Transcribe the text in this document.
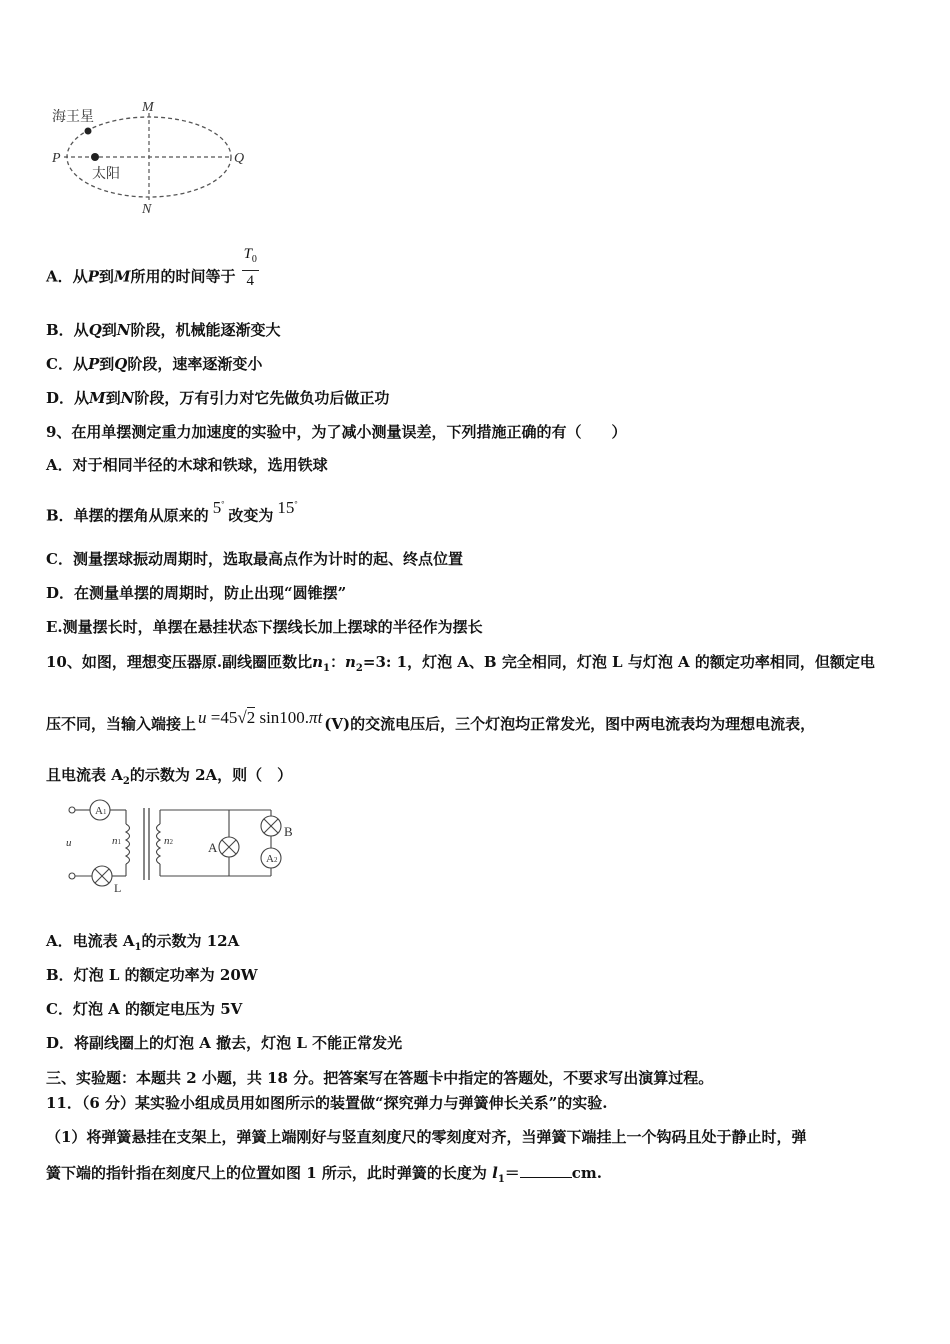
海王星
太阳
M
N
P	Q
A．从P到M所用的时间等于 $\frac{T_0}{4}$
B．从Q到N阶段，机械能逐渐变大
C．从P到Q阶段，速率逐渐变小
D．从M到N阶段，万有引力对它先做负功后做正功
9、在用单摆测定重力加速度的实验中，为了减小测量误差，下列措施正确的有（　　）
A．对于相同半径的木球和铁球，选用铁球
B．单摆的摆角从原来的 5°改变为 15°
C．测量摆球振动周期时，选取最高点作为计时的起、终点位置
D．在测量单摆的周期时，防止出现“圆锥摆”
E.测量摆长时，单摆在悬挂状态下摆线长加上摆球的半径作为摆长
10、如图，理想变压器原.副线圈匝数比$n_1$：$n_2=3$: 1，灯泡 A、B 完全相同，灯泡 L 与灯泡 A 的额定功率相同，但额定电
压不同，当输入端接上 u =45√2 sin100.πt (V)的交流电压后，三个灯泡均正常发光，图中两电流表均为理想电流表，
且电流表 $A_2$的示数为 2A，则（　）
A1
A2
u	n1	n2	A
B
L
A．电流表 $A_1$的示数为 12A
B．灯泡 L 的额定功率为 20W
C．灯泡 A 的额定电压为 5V
D．将副线圈上的灯泡 A 撤去，灯泡 L 不能正常发光
三、实验题：本题共 2 小题，共 18 分。把答案写在答题卡中指定的答题处，不要求写出演算过程。
11．（6 分）某实验小组成员用如图所示的装置做“探究弹力与弹簧伸长关系”的实验.
（1）将弹簧悬挂在支架上，弹簧上端刚好与竖直刻度尺的零刻度对齐，当弹簧下端挂上一个钩码且处于静止时，弹
簧下端的指针指在刻度尺上的位置如图 1 所示，此时弹簧的长度为 $l_1=$	cm.
